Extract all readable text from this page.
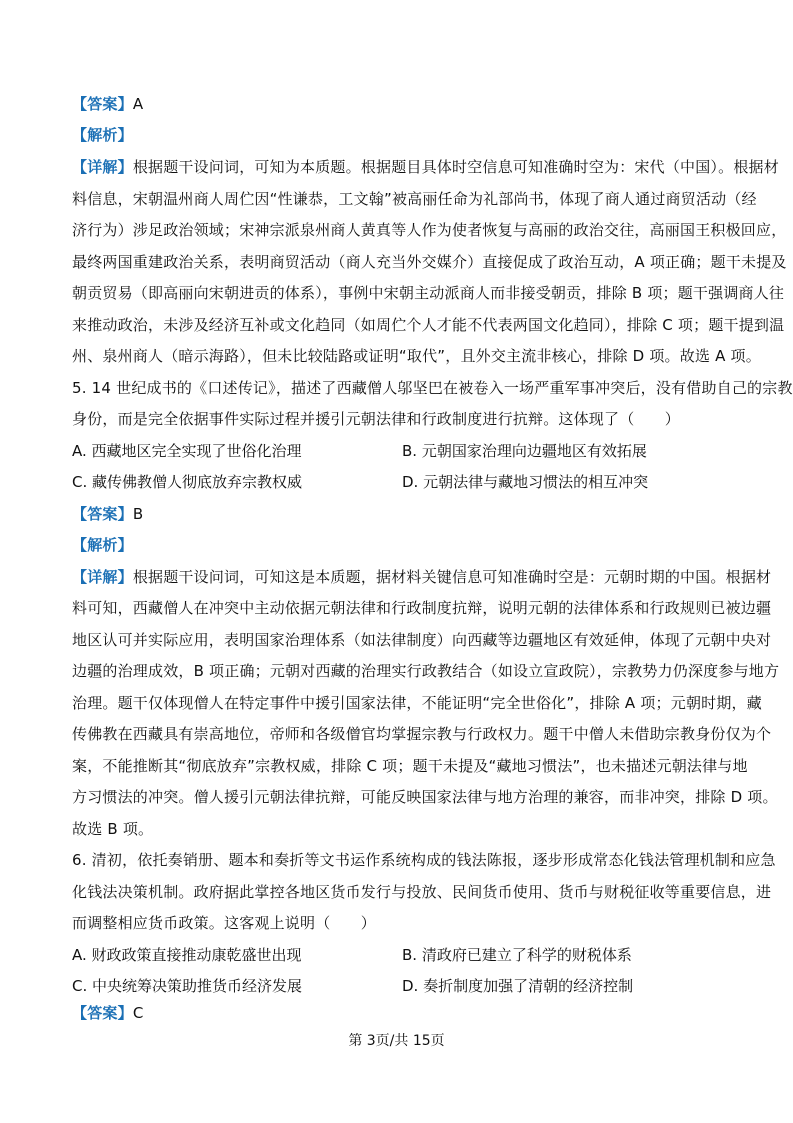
【答案】A
【解析】
【详解】根据题干设问词，可知为本质题。根据题目具体时空信息可知准确时空为：宋代（中国）。根据材
料信息，宋朝温州商人周伫因“性谦恭，工文翰”被高丽任命为礼部尚书，体现了商人通过商贸活动（经
济行为）涉足政治领域；宋神宗派泉州商人黄真等人作为使者恢复与高丽的政治交往，高丽国王积极回应，
最终两国重建政治关系，表明商贸活动（商人充当外交媒介）直接促成了政治互动，A 项正确；题干未提及
朝贡贸易（即高丽向宋朝进贡的体系），事例中宋朝主动派商人而非接受朝贡，排除 B 项；题干强调商人往
来推动政治，未涉及经济互补或文化趋同（如周伫个人才能不代表两国文化趋同），排除 C 项；题干提到温
州、泉州商人（暗示海路），但未比较陆路或证明“取代”，且外交主流非核心，排除 D 项。故选 A 项。
5. 14 世纪成书的《口述传记》，描述了西藏僧人邬坚巴在被卷入一场严重军事冲突后，没有借助自己的宗教
身份，而是完全依据事件实际过程并援引元朝法律和行政制度进行抗辩。这体现了（　　）
A. 西藏地区完全实现了世俗化治理	B. 元朝国家治理向边疆地区有效拓展
C. 藏传佛教僧人彻底放弃宗教权威	D. 元朝法律与藏地习惯法的相互冲突
【答案】B
【解析】
【详解】根据题干设问词，可知这是本质题，据材料关键信息可知准确时空是：元朝时期的中国。根据材
料可知，西藏僧人在冲突中主动依据元朝法律和行政制度抗辩，说明元朝的法律体系和行政规则已被边疆
地区认可并实际应用，表明国家治理体系（如法律制度）向西藏等边疆地区有效延伸，体现了元朝中央对
边疆的治理成效，B 项正确；元朝对西藏的治理实行政教结合（如设立宣政院），宗教势力仍深度参与地方
治理。题干仅体现僧人在特定事件中援引国家法律，不能证明“完全世俗化”，排除 A 项；元朝时期，藏
传佛教在西藏具有崇高地位，帝师和各级僧官均掌握宗教与行政权力。题干中僧人未借助宗教身份仅为个
案，不能推断其“彻底放弃”宗教权威，排除 C 项；题干未提及“藏地习惯法”，也未描述元朝法律与地
方习惯法的冲突。僧人援引元朝法律抗辩，可能反映国家法律与地方治理的兼容，而非冲突，排除 D 项。
故选 B 项。
6. 清初，依托奏销册、题本和奏折等文书运作系统构成的钱法陈报，逐步形成常态化钱法管理机制和应急
化钱法决策机制。政府据此掌控各地区货币发行与投放、民间货币使用、货币与财税征收等重要信息，进
而调整相应货币政策。这客观上说明（　　）
A. 财政政策直接推动康乾盛世出现	B. 清政府已建立了科学的财税体系
C. 中央统筹决策助推货币经济发展	D. 奏折制度加强了清朝的经济控制
【答案】C
第 3页/共 15页
